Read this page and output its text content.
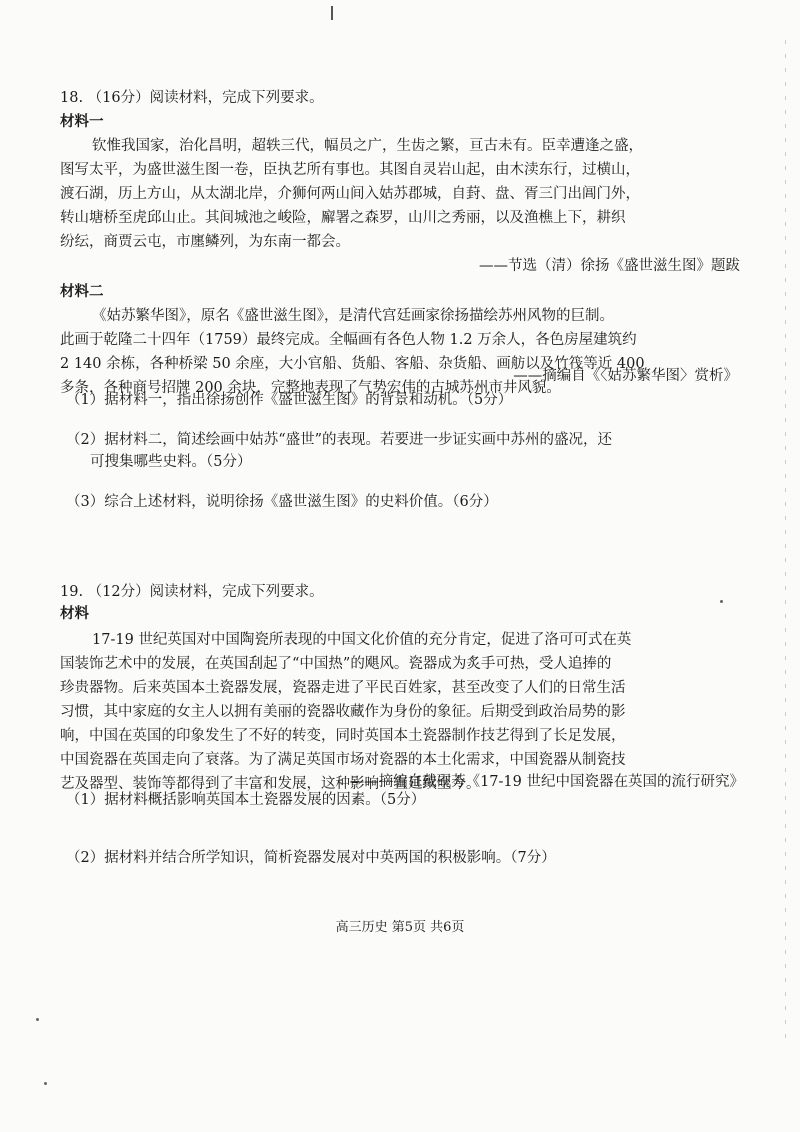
18. （16分）阅读材料，完成下列要求。
材料一
钦惟我国家，治化昌明，超轶三代，幅员之广，生齿之繁，亘古未有。臣幸遭逢之盛，
图写太平，为盛世滋生图一卷，臣执艺所有事也。其图自灵岩山起，由木渎东行，过横山，
渡石湖，历上方山，从太湖北岸，介狮何两山间入姑苏郡城，自葑、盘、胥三门出阊门外，
转山塘桥至虎邱山止。其间城池之峻险，廨署之森罗，山川之秀丽，以及渔樵上下，耕织
纷纭，商贾云屯，市廛鳞列，为东南一都会。
——节选（清）徐扬《盛世滋生图》题跋
材料二
《姑苏繁华图》，原名《盛世滋生图》，是清代宫廷画家徐扬描绘苏州风物的巨制。
此画于乾隆二十四年（1759）最终完成。全幅画有各色人物 1.2 万余人，各色房屋建筑约
2 140 余栋，各种桥梁 50 余座，大小官船、货船、客船、杂货船、画舫以及竹筏等近 400
多条，各种商号招牌 200 余块，完整地表现了气势宏伟的古城苏州市井风貌。
——摘编自《〈姑苏繁华图〉赏析》
（1）据材料一，指出徐扬创作《盛世滋生图》的背景和动机。（5分）
（2）据材料二，简述绘画中姑苏“盛世”的表现。若要进一步证实画中苏州的盛况，还
可搜集哪些史料。（5分）
（3）综合上述材料，说明徐扬《盛世滋生图》的史料价值。（6分）
19. （12分）阅读材料，完成下列要求。
材料
17-19 世纪英国对中国陶瓷所表现的中国文化价值的充分肯定，促进了洛可可式在英
国装饰艺术中的发展，在英国刮起了“中国热”的飓风。瓷器成为炙手可热，受人追捧的
珍贵器物。后来英国本土瓷器发展，瓷器走进了平民百姓家，甚至改变了人们的日常生活
习惯，其中家庭的女主人以拥有美丽的瓷器收藏作为身份的象征。后期受到政治局势的影
响，中国在英国的印象发生了不好的转变，同时英国本土瓷器制作技艺得到了长足发展，
中国瓷器在英国走向了衰落。为了满足英国市场对瓷器的本土化需求，中国瓷器从制瓷技
艺及器型、装饰等都得到了丰富和发展，这种影响一直延续至今。
——摘编自戴砚芳《17-19 世纪中国瓷器在英国的流行研究》
（1）据材料概括影响英国本土瓷器发展的因素。（5分）
（2）据材料并结合所学知识，简析瓷器发展对中英两国的积极影响。（7分）
高三历史 第5页 共6页
